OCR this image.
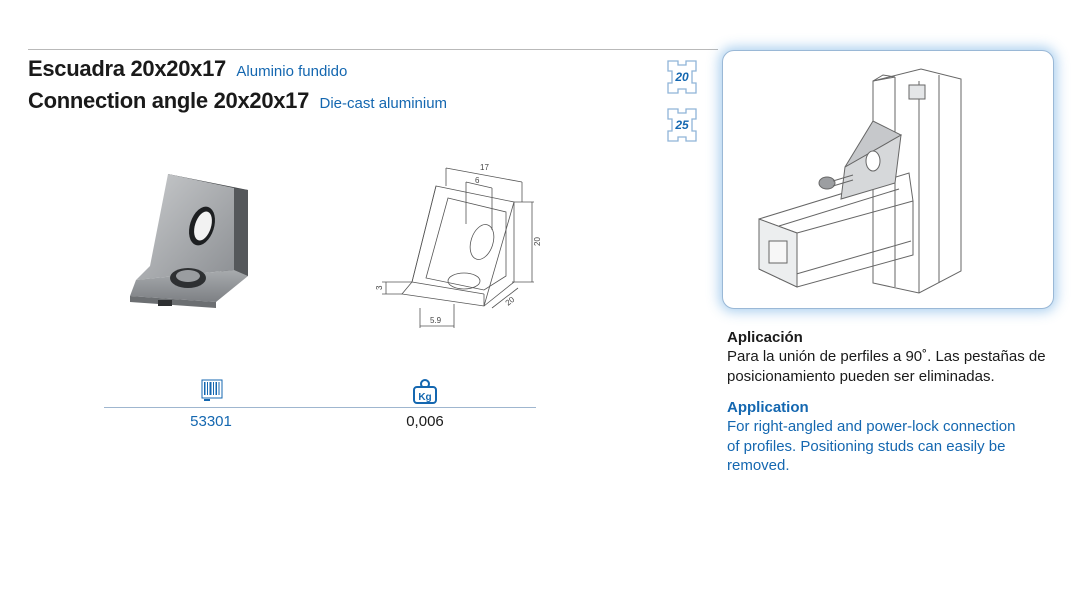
Escuadra 20x20x17 Aluminio fundido
Connection angle 20x20x17 Die-cast aluminium
17
6
20
3
20
5.9
Kg
53301	0,006
20
25
Aplicación
Para la unión de perfiles a 90˚. Las pestañas de
posicionamiento pueden ser eliminadas.
Application
For right-angled and power-lock connection
of profiles. Positioning studs can easily be
removed.
